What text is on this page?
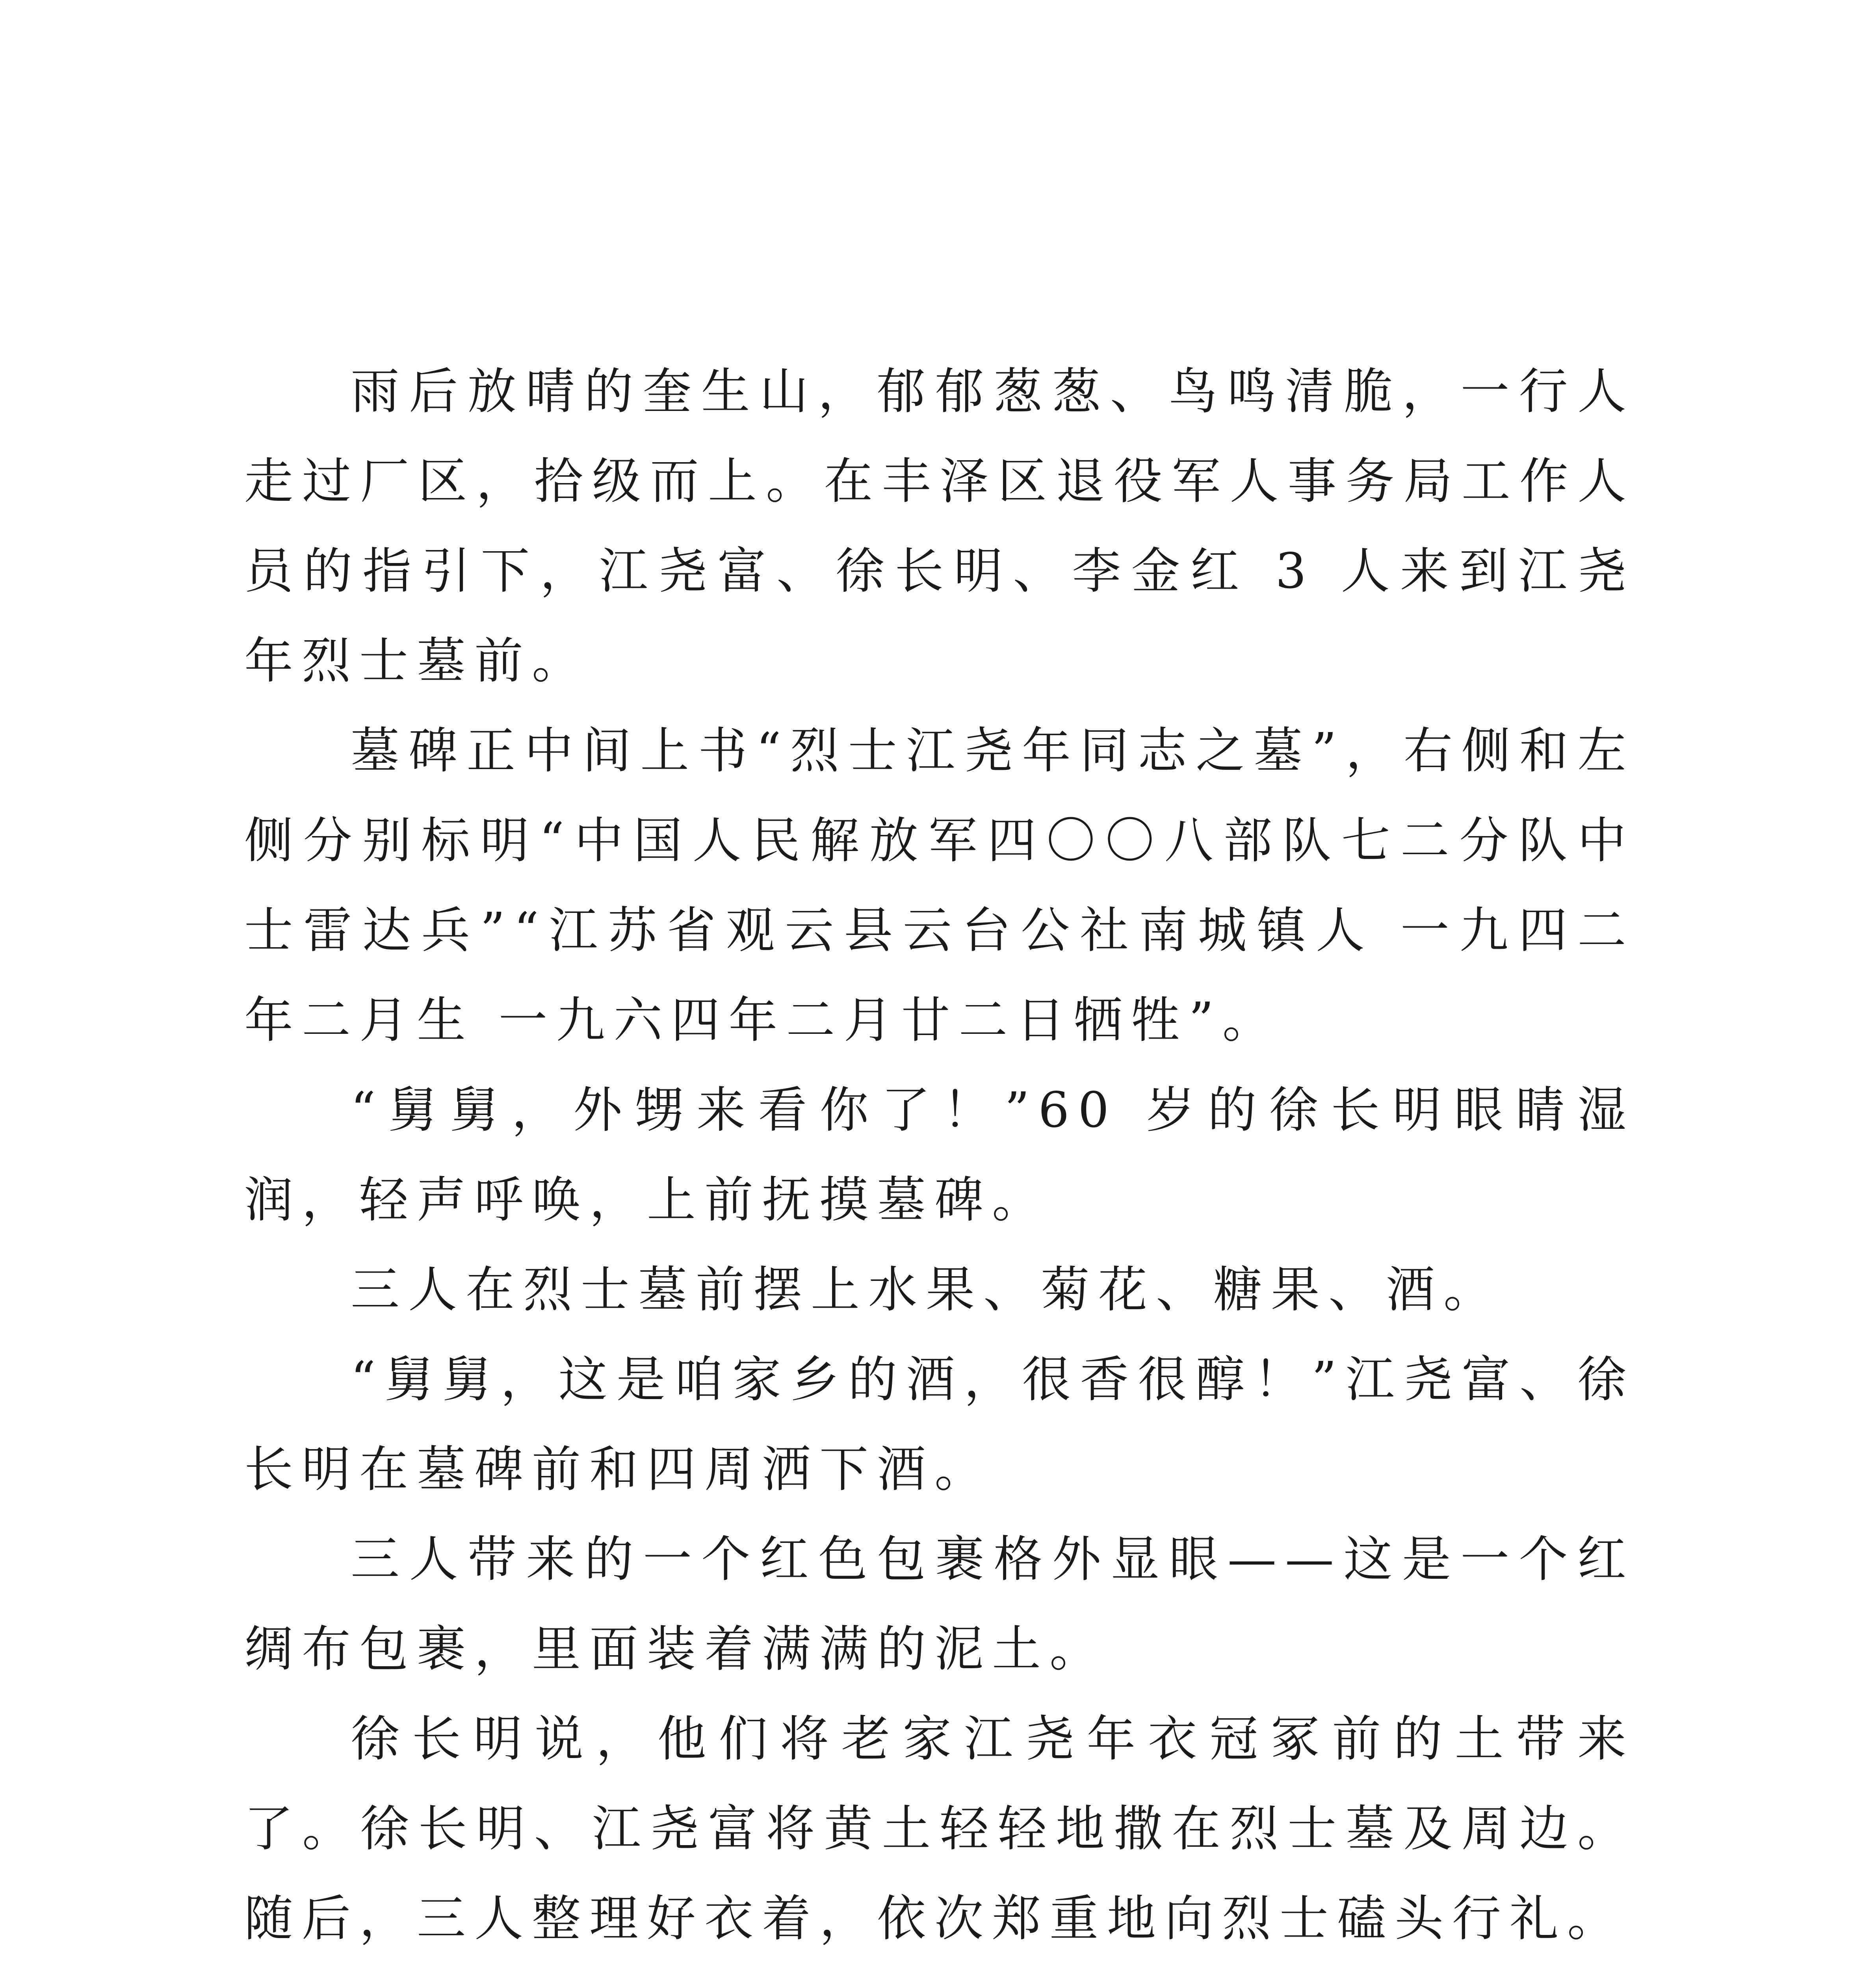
雨后放晴的奎生山，郁郁葱葱、鸟鸣清脆，一行人走过厂区，拾级而上。在丰泽区退役军人事务局工作人员的指引下，江尧富、徐长明、李金红 3 人来到江尧年烈士墓前。

墓碑正中间上书“烈士江尧年同志之墓”，右侧和左侧分别标明“中国人民解放军四〇〇八部队七二分队中士雷达兵”“江苏省观云县云台公社南城镇人 一九四二年二月生 一九六四年二月廿二日牺牲”。

“舅舅，外甥来看你了！”60 岁的徐长明眼睛湿润，轻声呼唤，上前抚摸墓碑。

三人在烈士墓前摆上水果、菊花、糖果、酒。

“舅舅，这是咱家乡的酒，很香很醇！”江尧富、徐长明在墓碑前和四周洒下酒。

三人带来的一个红色包裹格外显眼——这是一个红绸布包裹，里面装着满满的泥土。

徐长明说，他们将老家江尧年衣冠冢前的土带来了。徐长明、江尧富将黄土轻轻地撒在烈士墓及周边。随后，三人整理好衣着，依次郑重地向烈士磕头行礼。
